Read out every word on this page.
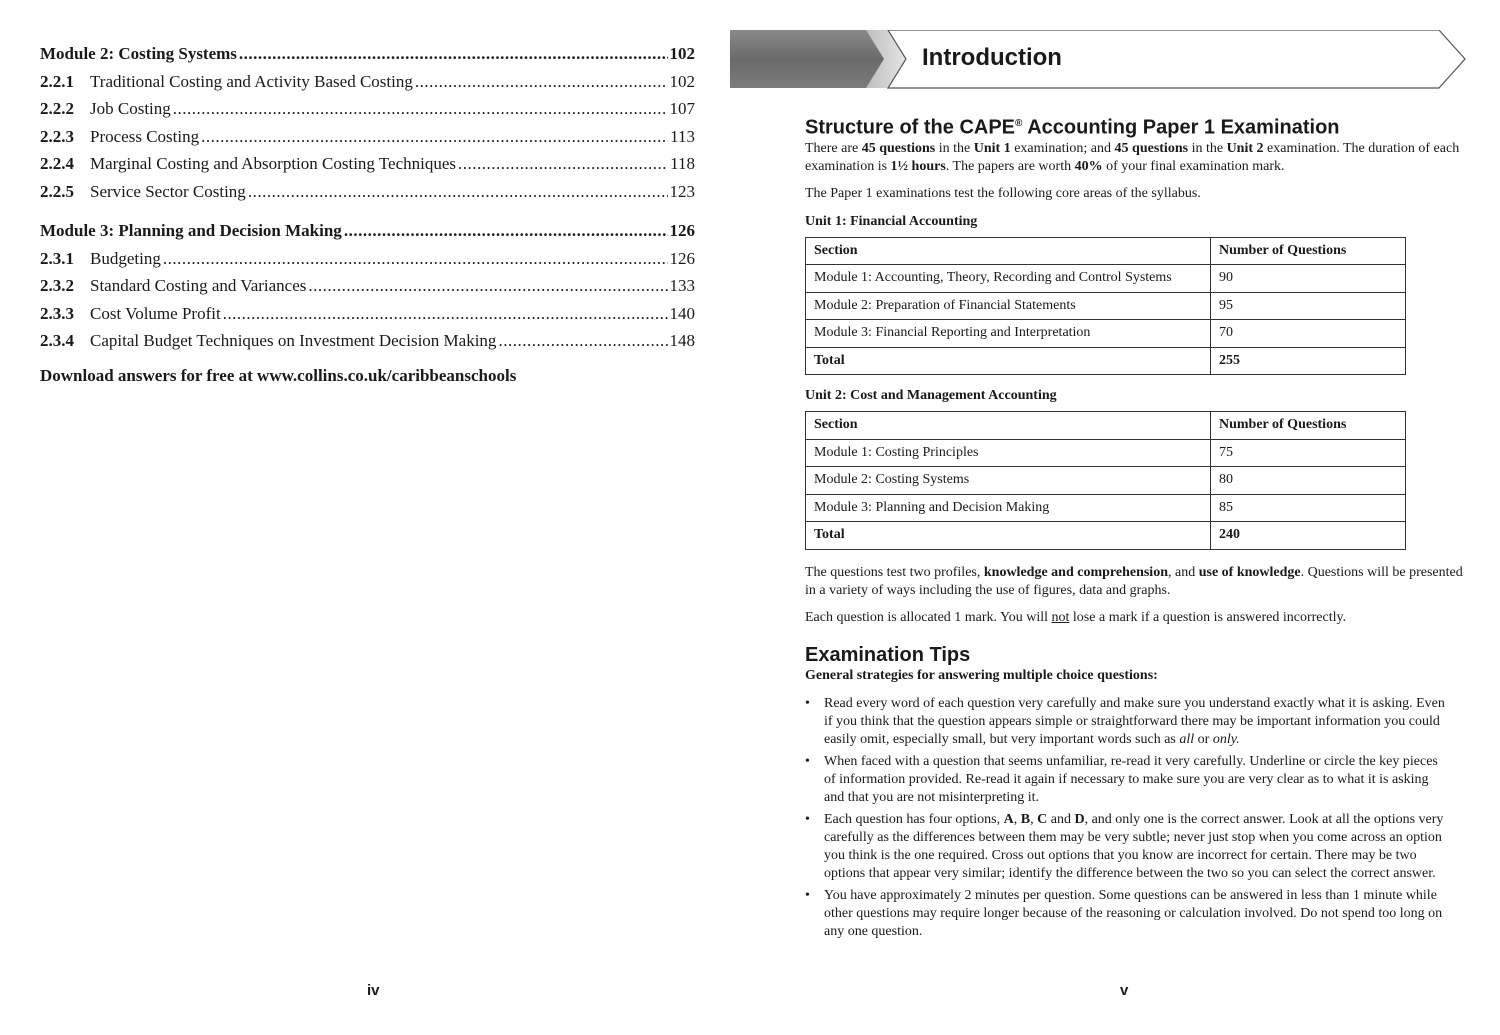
Module 2: Costing Systems .....	102
2.2.1 Traditional Costing and Activity Based Costing .....	102
2.2.2 Job Costing .....	107
2.2.3 Process Costing .....	113
2.2.4 Marginal Costing and Absorption Costing Techniques .....	118
2.2.5 Service Sector Costing .....	123
Module 3: Planning and Decision Making .....	126
2.3.1 Budgeting .....	126
2.3.2 Standard Costing and Variances .....	133
2.3.3 Cost Volume Profit .....	140
2.3.4 Capital Budget Techniques on Investment Decision Making .....	148
Download answers for free at www.collins.co.uk/caribbeanschools
iv
Introduction
Structure of the CAPE® Accounting Paper 1 Examination

There are 45 questions in the Unit 1 examination; and 45 questions in the Unit 2 examination. The duration of each examination is 1½ hours. The papers are worth 40% of your final examination mark.

The Paper 1 examinations test the following core areas of the syllabus.

Unit 1: Financial Accounting

Section	Number of Questions
Module 1: Accounting, Theory, Recording and Control Systems	90
Module 2: Preparation of Financial Statements	95
Module 3: Financial Reporting and Interpretation	70
Total	255

Unit 2: Cost and Management Accounting

Section	Number of Questions
Module 1: Costing Principles	75
Module 2: Costing Systems	80
Module 3: Planning and Decision Making	85
Total	240

The questions test two profiles, knowledge and comprehension, and use of knowledge. Questions will be presented in a variety of ways including the use of figures, data and graphs.

Each question is allocated 1 mark. You will not lose a mark if a question is answered incorrectly.

Examination Tips

General strategies for answering multiple choice questions:

• Read every word of each question very carefully and make sure you understand exactly what it is asking. Even if you think that the question appears simple or straightforward there may be important information you could easily omit, especially small, but very important words such as all or only.
• When faced with a question that seems unfamiliar, re-read it very carefully. Underline or circle the key pieces of information provided. Re-read it again if necessary to make sure you are very clear as to what it is asking and that you are not misinterpreting it.
• Each question has four options, A, B, C and D, and only one is the correct answer. Look at all the options very carefully as the differences between them may be very subtle; never just stop when you come across an option you think is the one required. Cross out options that you know are incorrect for certain. There may be two options that appear very similar; identify the difference between the two so you can select the correct answer.
• You have approximately 2 minutes per question. Some questions can be answered in less than 1 minute while other questions may require longer because of the reasoning or calculation involved. Do not spend too long on any one question.
v
